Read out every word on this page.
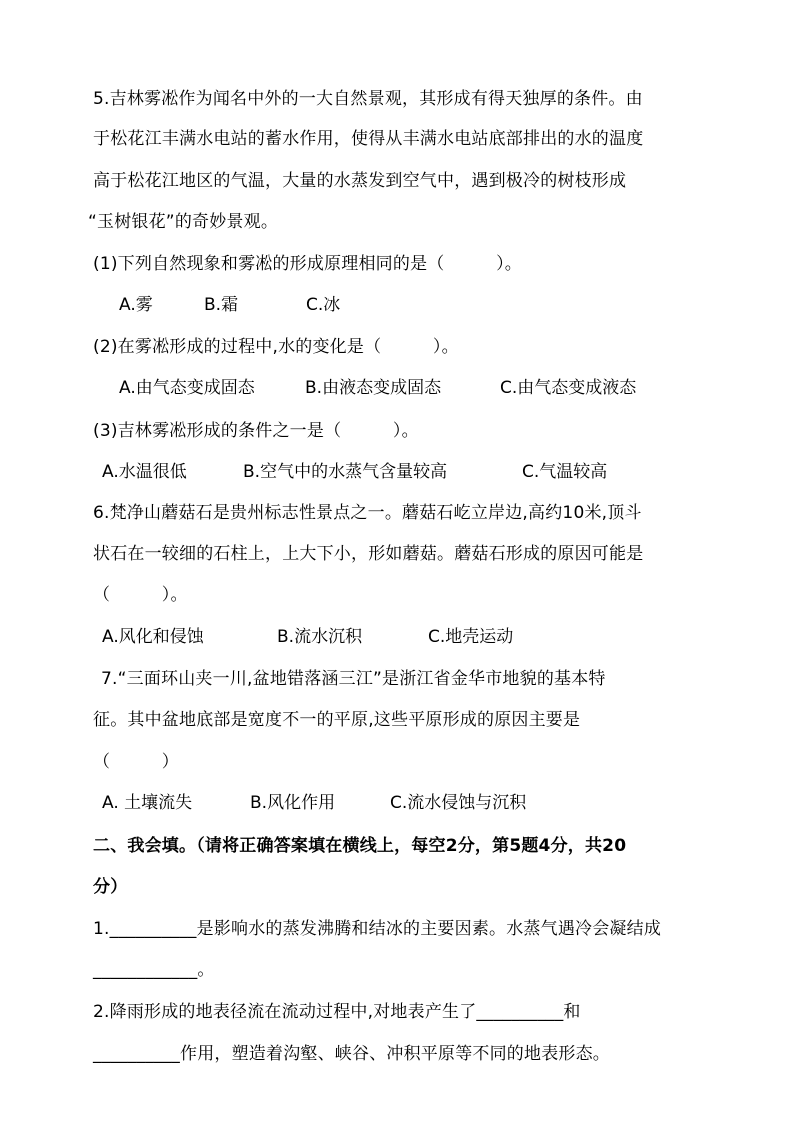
5.吉林雾凇作为闻名中外的一大自然景观，其形成有得天独厚的条件。由
于松花江丰满水电站的蓄水作用，使得从丰满水电站底部排出的水的温度
高于松花江地区的气温，大量的水蒸发到空气中，遇到极冷的树枝形成
“玉树银花”的奇妙景观。
(1)下列自然现象和雾凇的形成原理相同的是（　　　）。
A.雾	B.霜	C.冰
(2)在雾凇形成的过程中,水的变化是（　　　）。
A.由气态变成固态	B.由液态变成固态	C.由气态变成液态
(3)吉林雾凇形成的条件之一是（　　　）。
A.水温很低	B.空气中的水蒸气含量较高	C.气温较高
6.梵净山蘑菇石是贵州标志性景点之一。蘑菇石屹立岸边,高约10米,顶斗
状石在一较细的石柱上，上大下小，形如蘑菇。蘑菇石形成的原因可能是
（　　　）。
A.风化和侵蚀	B.流水沉积	C.地壳运动
7.“三面环山夹一川,盆地错落涵三江”是浙江省金华市地貌的基本特
征。其中盆地底部是宽度不一的平原,这些平原形成的原因主要是
（　　　）
A. 土壤流失	B.风化作用	C.流水侵蚀与沉积
二、我会填。（请将正确答案填在横线上，每空2分，第5题4分，共20
分）
1.__________是影响水的蒸发沸腾和结冰的主要因素。水蒸气遇冷会凝结成
____________。
2.降雨形成的地表径流在流动过程中,对地表产生了__________和
__________作用，塑造着沟壑、峡谷、冲积平原等不同的地表形态。
